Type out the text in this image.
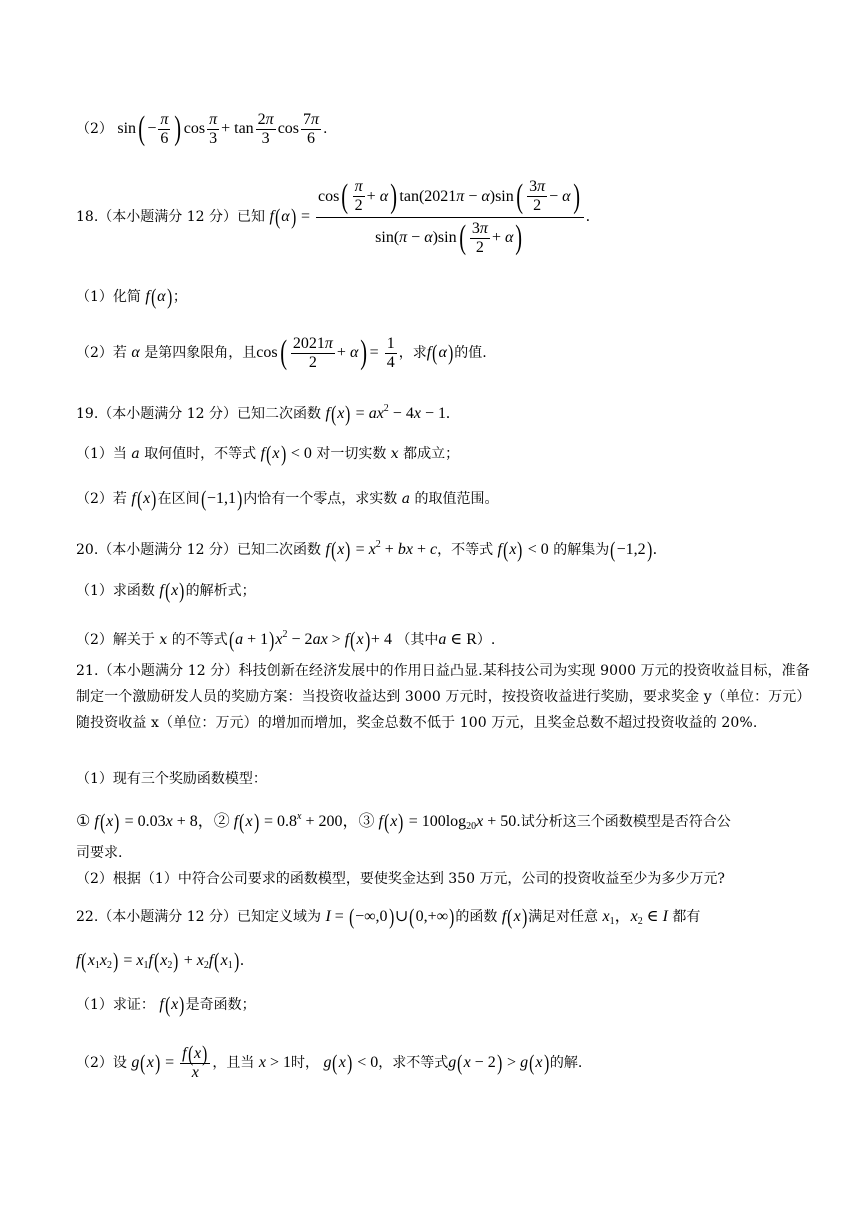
（2） $\sin( - \frac{\pi}{6}$ ) $\cos \frac{\pi}{3} + \tan \frac{2\pi}{3}$ $\cos \frac{7\pi}{6}$ .
18.（本小题满分 12 分）已知 $f(\alpha) = \frac{\cos( \frac{\pi}{2} + \alpha) \tan(2021\pi - \alpha)\sin( \frac{3\pi}{2} - \alpha)}{\sin(\pi - \alpha)\sin( \frac{3\pi}{2} + \alpha)}$ .
（1）化简 f(α)；
（2）若 α 是第四象限角，且$\cos( \frac{2021\pi}{2} + \alpha) = \frac{1}{4}$ ，求f(α)的值.
19.（本小题满分 12 分）已知二次函数 $f(x) = ax^2 - 4x - 1$.
（1）当 a 取何值时，不等式 f(x) < 0 对一切实数 x 都成立；
（2）若 f(x)在区间(−1,1)内恰有一个零点，求实数 a 的取值范围。
20.（本小题满分 12 分）已知二次函数 $f(x) = x^2$ + bx + c，不等式 f(x) < 0 的解集为(−1,2).
（1）求函数 f(x)的解析式；
（2）解关于 x 的不等式$(a + 1)x^2 - 2ax > f(x)+ 4$ （其中a ∈ R）.
21.（本小题满分 12 分）科技创新在经济发展中的作用日益凸显.某科技公司为实现 9000 万元的投资收益目标，准备制定一个激励研发人员的奖励方案：当投资收益达到 3000 万元时，按投资收益进行奖励，要求奖金 y（单位：万元）随投资收益 x（单位：万元）的增加而增加，奖金总数不低于 100 万元，且奖金总数不超过投资收益的 20%.
（1）现有三个奖励函数模型：
① f(x) = 0.03x + 8，② $f(x) = 0.8^x + 200$，③ $f(x) = 100\log_{20}x + 50$.试分析这三个函数模型是否符合公
司要求.
（2）根据（1）中符合公司要求的函数模型，要使奖金达到 350 万元，公司的投资收益至少为多少万元?
22.（本小题满分 12 分）已知定义域为 I = (−∞,0)∪(0,+∞)的函数 f(x)满足对任意 $x_1$，$x_2$ ∈ I 都有
$f(x_1x_2) = x_1f(x_2) + x_2f(x_1)$.
（1）求证： f(x)是奇函数；
（2）设 $g(x) = \frac{f(x)}{x}$ ，且当 x > 1时， g(x) < 0，求不等式g(x − 2) > g(x)的解.
